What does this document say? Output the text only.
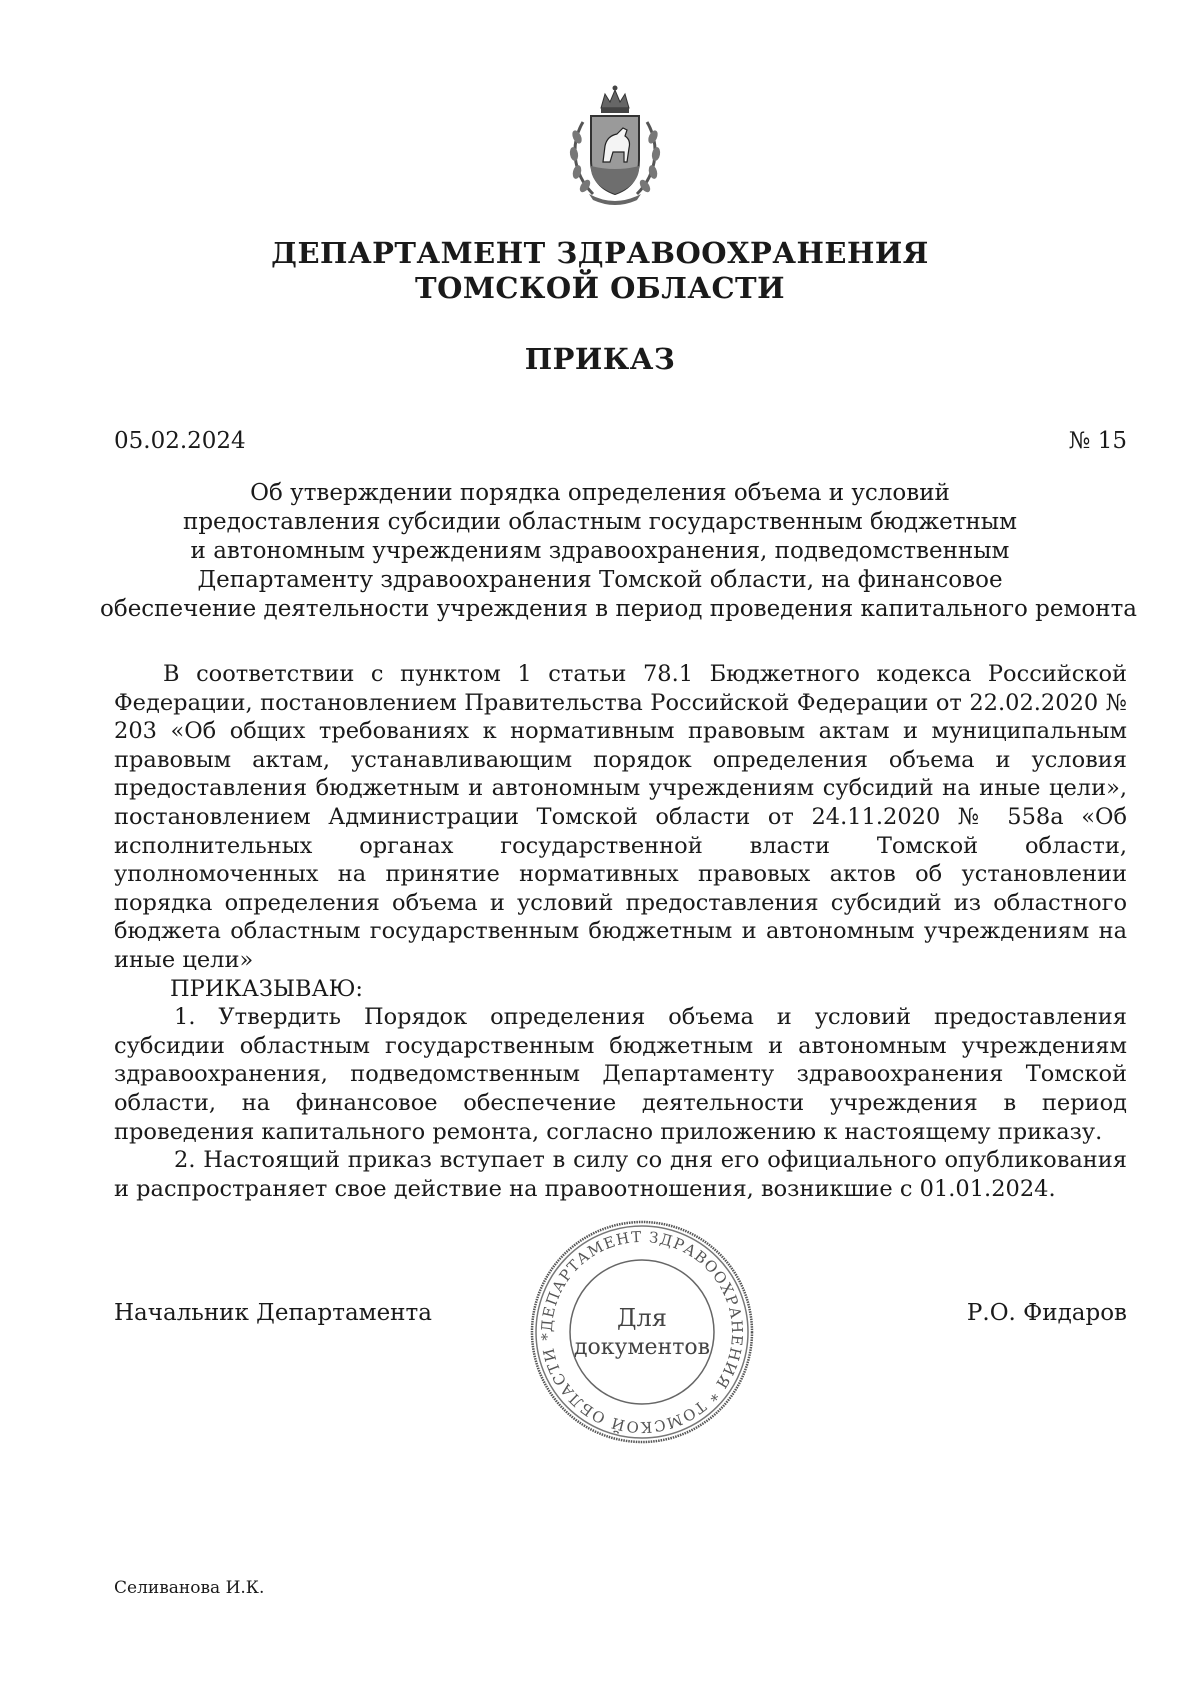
ДЕПАРТАМЕНТ ЗДРАВООХРАНЕНИЯ
ТОМСКОЙ ОБЛАСТИ
ПРИКАЗ
05.02.2024	№ 15
Об утверждении порядка определения объема и условий
предоставления субсидии областным государственным бюджетным
и автономным учреждениям здравоохранения, подведомственным
Департаменту здравоохранения Томской области, на финансовое
обеспечение деятельности учреждения в период проведения капитального ремонта

В соответствии с пунктом 1 статьи 78.1 Бюджетного кодекса Российской Федерации, постановлением Правительства Российской Федерации от 22.02.2020 № 203 «Об общих требованиях к нормативным правовым актам и муниципальным правовым актам, устанавливающим порядок определения объема и условия предоставления бюджетным и автономным учреждениям субсидий на иные цели», постановлением Администрации Томской области от 24.11.2020 № 558а «Об исполнительных органах государственной власти Томской области, уполномоченных на принятие нормативных правовых актов об установлении порядка определения объема и условий предоставления субсидий из областного бюджета областным государственным бюджетным и автономным учреждениям на иные цели»

ПРИКАЗЫВАЮ:

1. Утвердить Порядок определения объема и условий предоставления субсидии областным государственным бюджетным и автономным учреждениям здравоохранения, подведомственным Департаменту здравоохранения Томской области, на финансовое обеспечение деятельности учреждения в период проведения капитального ремонта, согласно приложению к настоящему приказу.

2. Настоящий приказ вступает в силу со дня его официального опубликования и распространяет свое действие на правоотношения, возникшие с 01.01.2024.

Начальник Департамента	Р.О. Фидаров
ДЕПАРТАМЕНТ ЗДРАВООХРАНЕНИЯ * ТОМСКОЙ ОБЛАСТИ *
Для
документов
Селиванова И.К.
